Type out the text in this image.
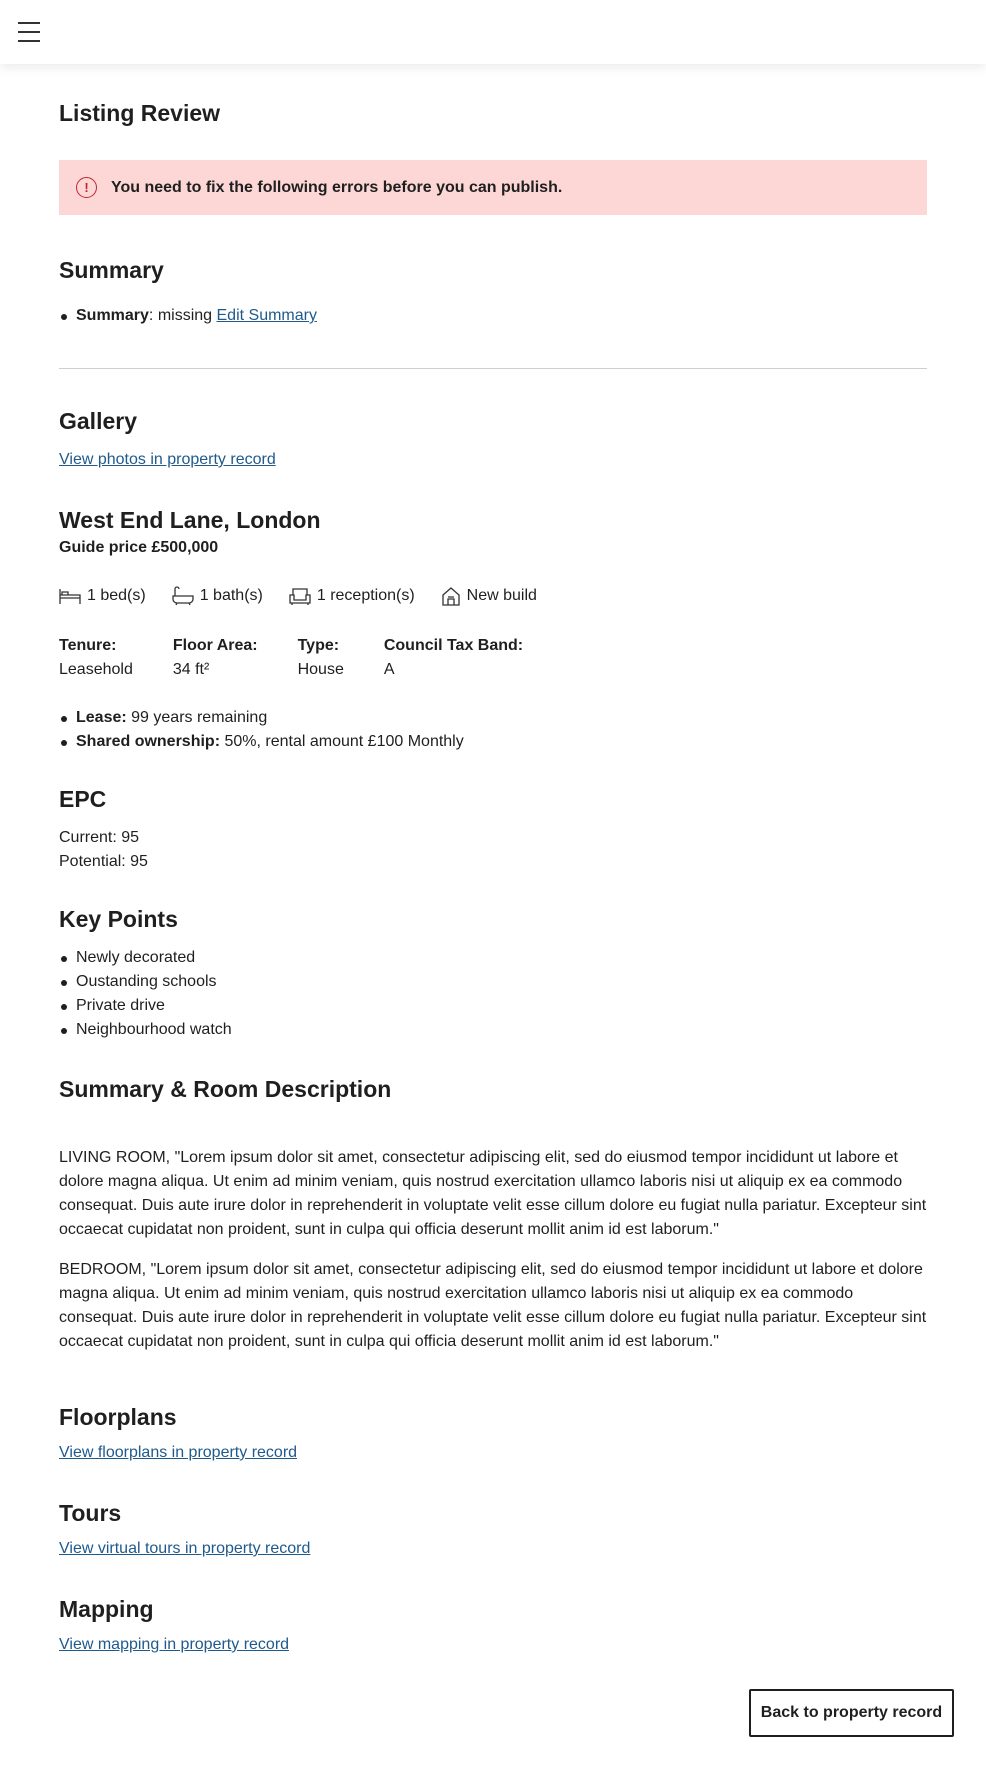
Listing Review
!	You need to fix the following errors before you can publish.
Summary
Summary: missing Edit Summary
Gallery
View photos in property record
West End Lane, London
Guide price £500,000
1 bed(s)	1 bath(s)	1 reception(s)	New build
Tenure:
Leasehold
Floor Area:
34 ft²
Type:
House
Council Tax Band:
A
Lease: 99 years remaining
Shared ownership: 50%, rental amount £100 Monthly
EPC
Current: 95
Potential: 95
Key Points
Newly decorated
Oustanding schools
Private drive
Neighbourhood watch
Summary & Room Description

LIVING ROOM, "Lorem ipsum dolor sit amet, consectetur adipiscing elit, sed do eiusmod tempor incididunt ut labore et dolore magna aliqua. Ut enim ad minim veniam, quis nostrud exercitation ullamco laboris nisi ut aliquip ex ea commodo consequat. Duis aute irure dolor in reprehenderit in voluptate velit esse cillum dolore eu fugiat nulla pariatur. Excepteur sint occaecat cupidatat non proident, sunt in culpa qui officia deserunt mollit anim id est laborum."

BEDROOM, "Lorem ipsum dolor sit amet, consectetur adipiscing elit, sed do eiusmod tempor incididunt ut labore et dolore magna aliqua. Ut enim ad minim veniam, quis nostrud exercitation ullamco laboris nisi ut aliquip ex ea commodo consequat. Duis aute irure dolor in reprehenderit in voluptate velit esse cillum dolore eu fugiat nulla pariatur. Excepteur sint occaecat cupidatat non proident, sunt in culpa qui officia deserunt mollit anim id est laborum."

Floorplans
View floorplans in property record
Tours
View virtual tours in property record
Mapping
View mapping in property record
Back to property record
